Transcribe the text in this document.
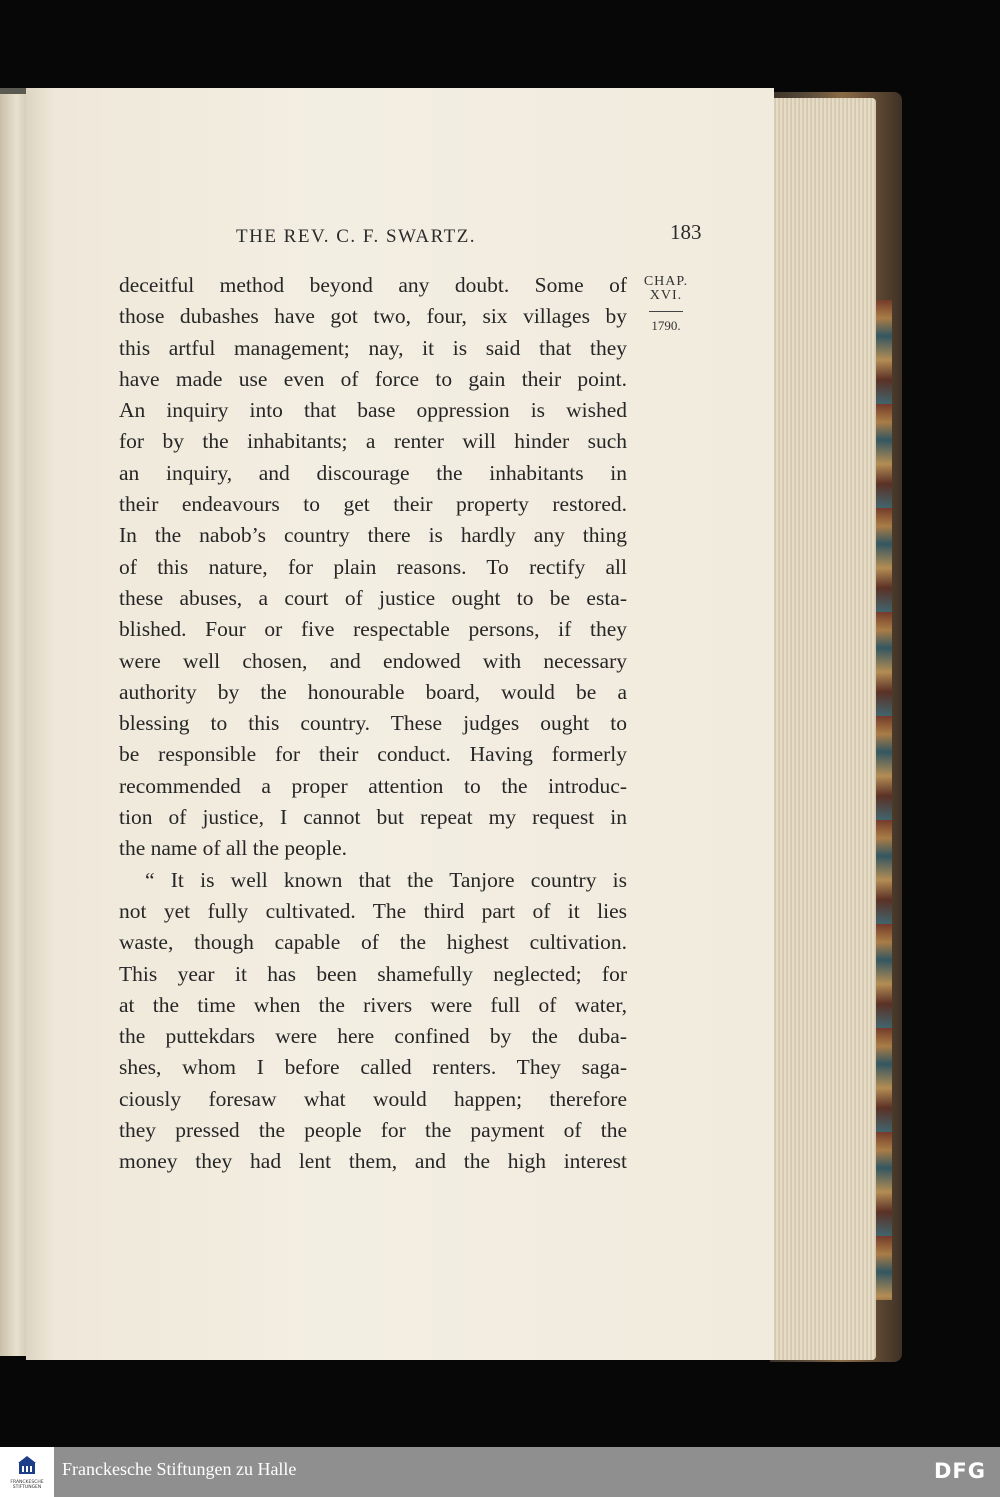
THE REV. C. F. SWARTZ.	183
CHAP.
XVI.
1790.
deceitful method beyond any doubt. Some of
those dubashes have got two, four, six villages by
this artful management; nay, it is said that they
have made use even of force to gain their point.
An inquiry into that base oppression is wished
for by the inhabitants; a renter will hinder such
an inquiry, and discourage the inhabitants in
their endeavours to get their property restored.
In the nabob’s country there is hardly any thing
of this nature, for plain reasons. To rectify all
these abuses, a court of justice ought to be esta-
blished. Four or five respectable persons, if they
were well chosen, and endowed with necessary
authority by the honourable board, would be a
blessing to this country. These judges ought to
be responsible for their conduct. Having formerly
recommended a proper attention to the introduc-
tion of justice, I cannot but repeat my request in
the name of all the people.
“ It is well known that the Tanjore country is
not yet fully cultivated. The third part of it lies
waste, though capable of the highest cultivation.
This year it has been shamefully neglected; for
at the time when the rivers were full of water,
the puttekdars were here confined by the duba-
shes, whom I before called renters. They saga-
ciously foresaw what would happen; therefore
they pressed the people for the payment of the
money they had lent them, and the high interest
FRANCKESCHE STIFTUNGEN
Franckesche Stiftungen zu Halle	DFG
